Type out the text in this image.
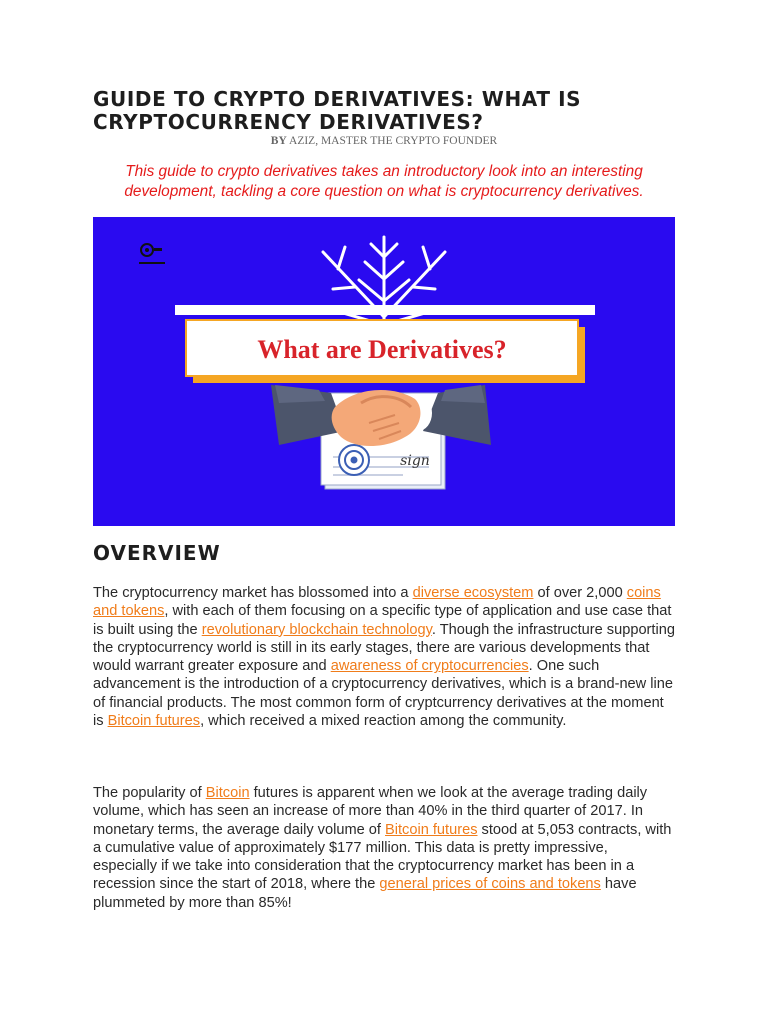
GUIDE TO CRYPTO DERIVATIVES: WHAT IS CRYPTOCURRENCY DERIVATIVES?
BY AZIZ, MASTER THE CRYPTO FOUNDER

This guide to crypto derivatives takes an introductory look into an interesting development, tackling a core question on what is cryptocurrency derivatives.

What are Derivatives?
sign
OVERVIEW

The cryptocurrency market has blossomed into a diverse ecosystem of over 2,000 coins and tokens, with each of them focusing on a specific type of application and use case that is built using the revolutionary blockchain technology. Though the infrastructure supporting the cryptocurrency world is still in its early stages, there are various developments that would warrant greater exposure and awareness of cryptocurrencies. One such advancement is the introduction of a cryptocurrency derivatives, which is a brand-new line of financial products. The most common form of cryptcurrency derivatives at the moment is Bitcoin futures, which received a mixed reaction among the community.

The popularity of Bitcoin futures is apparent when we look at the average trading daily volume, which has seen an increase of more than 40% in the third quarter of 2017. In monetary terms, the average daily volume of Bitcoin futures stood at 5,053 contracts, with a cumulative value of approximately $177 million. This data is pretty impressive, especially if we take into consideration that the cryptocurrency market has been in a recession since the start of 2018, where the general prices of coins and tokens have plummeted by more than 85%!
